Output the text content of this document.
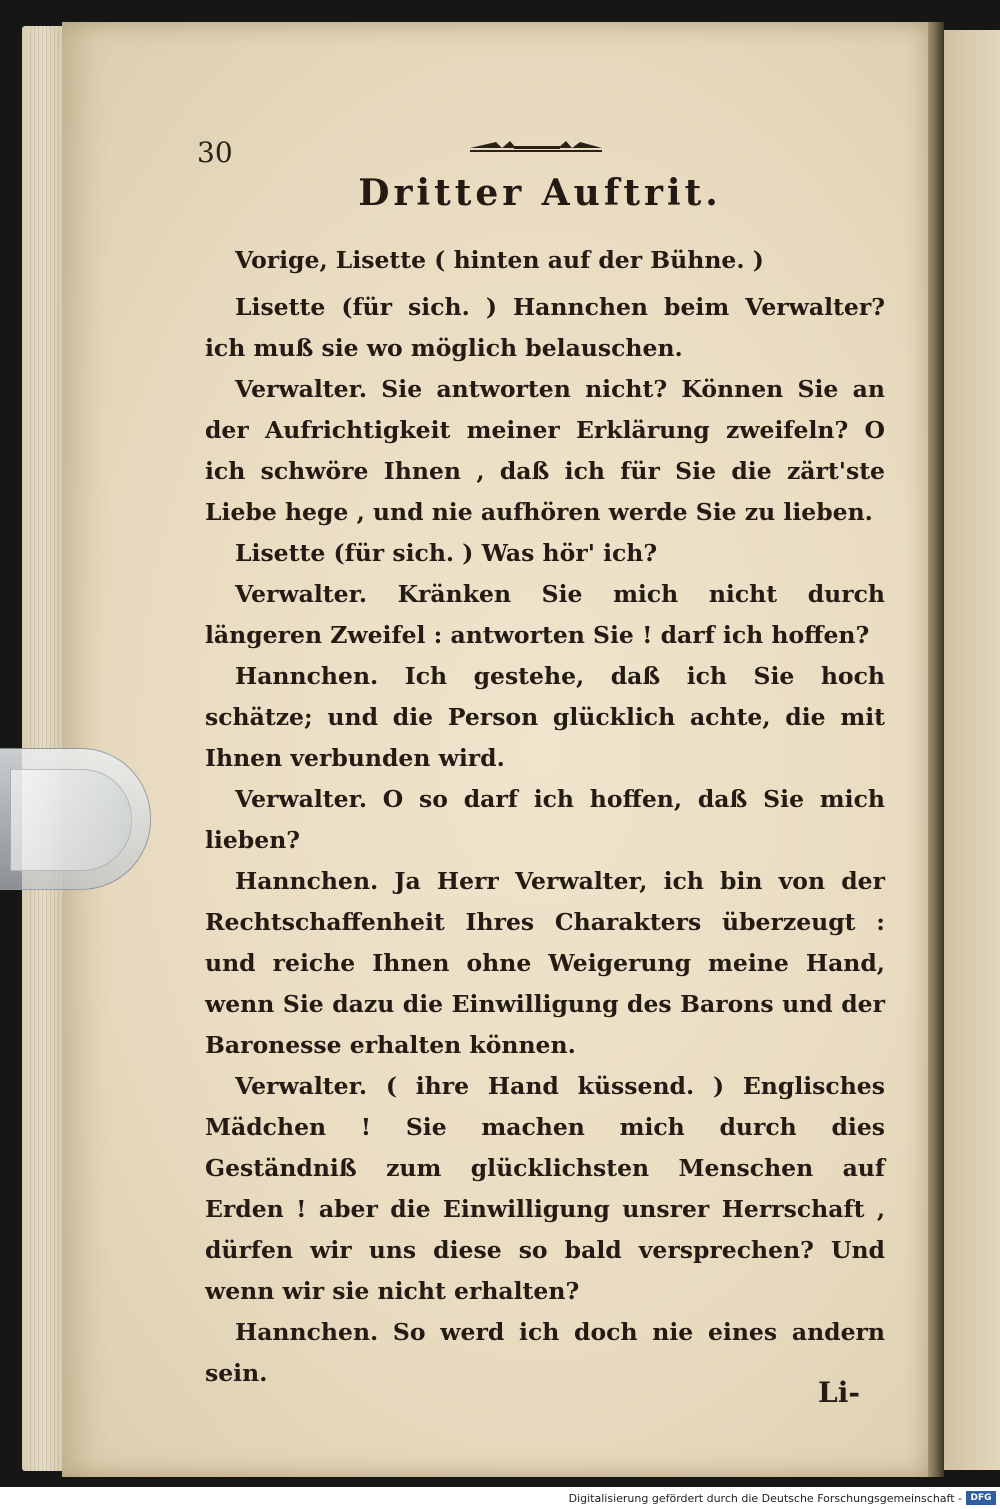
30
Dritter Auftrit.

Vorige, Lisette ( hinten auf der Bühne. )

Lisette (für sich. ) Hannchen beim Verwalter? ich muß sie wo möglich belauschen.

Verwalter. Sie antworten nicht? Können Sie an der Aufrichtigkeit meiner Erklärung zweifeln? O ich schwöre Ihnen , daß ich für Sie die zärt'ste Liebe hege , und nie aufhören werde Sie zu lieben.

Lisette (für sich. ) Was hör' ich?

Verwalter. Kränken Sie mich nicht durch längeren Zweifel : antworten Sie ! darf ich hoffen?

Hannchen. Ich gestehe, daß ich Sie hoch schätze; und die Person glücklich achte, die mit Ihnen verbunden wird.

Verwalter. O so darf ich hoffen, daß Sie mich lieben?

Hannchen. Ja Herr Verwalter, ich bin von der Rechtschaffenheit Ihres Charakters überzeugt : und reiche Ihnen ohne Weigerung meine Hand, wenn Sie dazu die Einwilligung des Barons und der Baronesse erhalten können.

Verwalter. ( ihre Hand küssend. ) Englisches Mädchen ! Sie machen mich durch dies Geständniß zum glücklichsten Menschen auf Erden ! aber die Einwilligung unsrer Herrschaft , dürfen wir uns diese so bald versprechen? Und wenn wir sie nicht erhalten?

Hannchen. So werd ich doch nie eines andern sein.

Li-
Digitalisierung gefördert durch die Deutsche Forschungsgemeinschaft - DFG
